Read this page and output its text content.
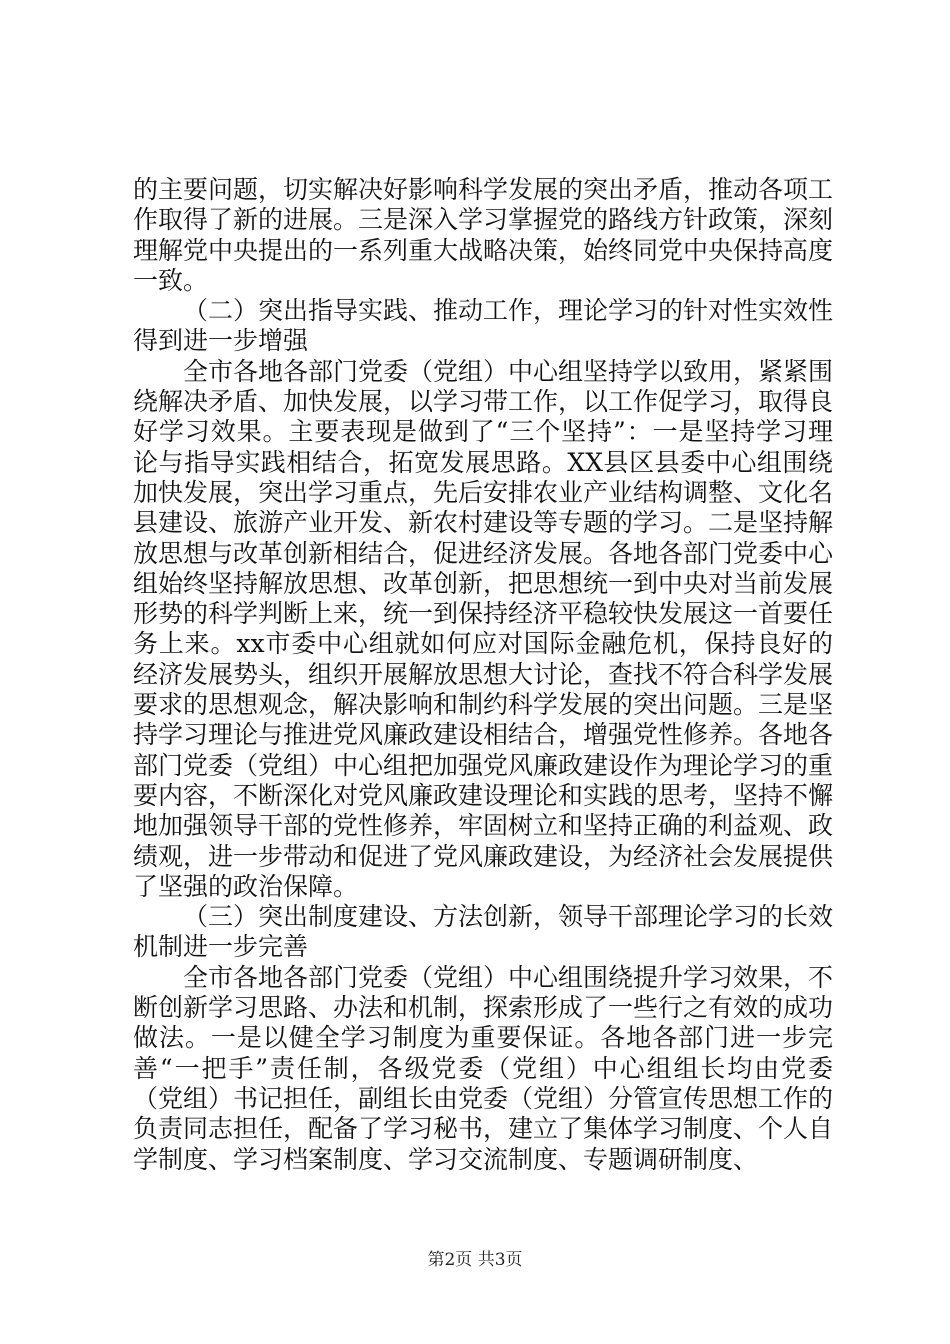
的主要问题，切实解决好影响科学发展的突出矛盾，推动各项工作取得了新的进展。三是深入学习掌握党的路线方针政策，深刻理解党中央提出的一系列重大战略决策，始终同党中央保持高度一致。

（二）突出指导实践、推动工作，理论学习的针对性实效性得到进一步增强

全市各地各部门党委（党组）中心组坚持学以致用，紧紧围绕解决矛盾、加快发展，以学习带工作，以工作促学习，取得良好学习效果。主要表现是做到了“三个坚持”：一是坚持学习理论与指导实践相结合，拓宽发展思路。XX县区县委中心组围绕加快发展，突出学习重点，先后安排农业产业结构调整、文化名县建设、旅游产业开发、新农村建设等专题的学习。二是坚持解放思想与改革创新相结合，促进经济发展。各地各部门党委中心组始终坚持解放思想、改革创新，把思想统一到中央对当前发展形势的科学判断上来，统一到保持经济平稳较快发展这一首要任务上来。xx市委中心组就如何应对国际金融危机，保持良好的经济发展势头，组织开展解放思想大讨论，查找不符合科学发展要求的思想观念，解决影响和制约科学发展的突出问题。三是坚持学习理论与推进党风廉政建设相结合，增强党性修养。各地各部门党委（党组）中心组把加强党风廉政建设作为理论学习的重要内容，不断深化对党风廉政建设理论和实践的思考，坚持不懈地加强领导干部的党性修养，牢固树立和坚持正确的利益观、政绩观，进一步带动和促进了党风廉政建设，为经济社会发展提供了坚强的政治保障。

（三）突出制度建设、方法创新，领导干部理论学习的长效机制进一步完善

全市各地各部门党委（党组）中心组围绕提升学习效果，不断创新学习思路、办法和机制，探索形成了一些行之有效的成功做法。一是以健全学习制度为重要保证。各地各部门进一步完善“一把手”责任制，各级党委（党组）中心组组长均由党委（党组）书记担任，副组长由党委（党组）分管宣传思想工作的负责同志担任，配备了学习秘书，建立了集体学习制度、个人自学制度、学习档案制度、学习交流制度、专题调研制度、

第2页 共3页
